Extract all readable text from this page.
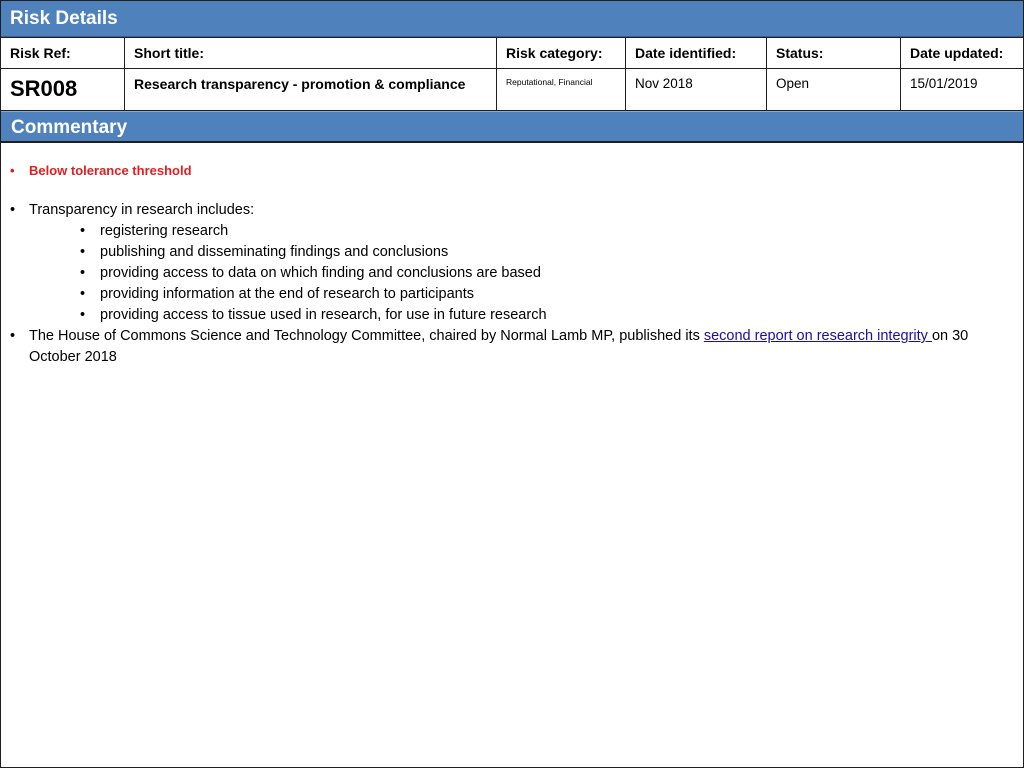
Risk Details
Risk Ref:	Short title:	Risk category:	Date identified:	Status:	Date updated:
SR008	Research transparency - promotion & compliance	Reputational, Financial	Nov 2018	Open	15/01/2019
Commentary
• Below tolerance threshold
• Transparency in research includes:
• registering research
• publishing and disseminating findings and conclusions
• providing access to data on which finding and conclusions are based
• providing information at the end of research to participants
• providing access to tissue used in research, for use in future research
• The House of Commons Science and Technology Committee, chaired by Normal Lamb MP, published its second report on research integrity on 30 October 2018
